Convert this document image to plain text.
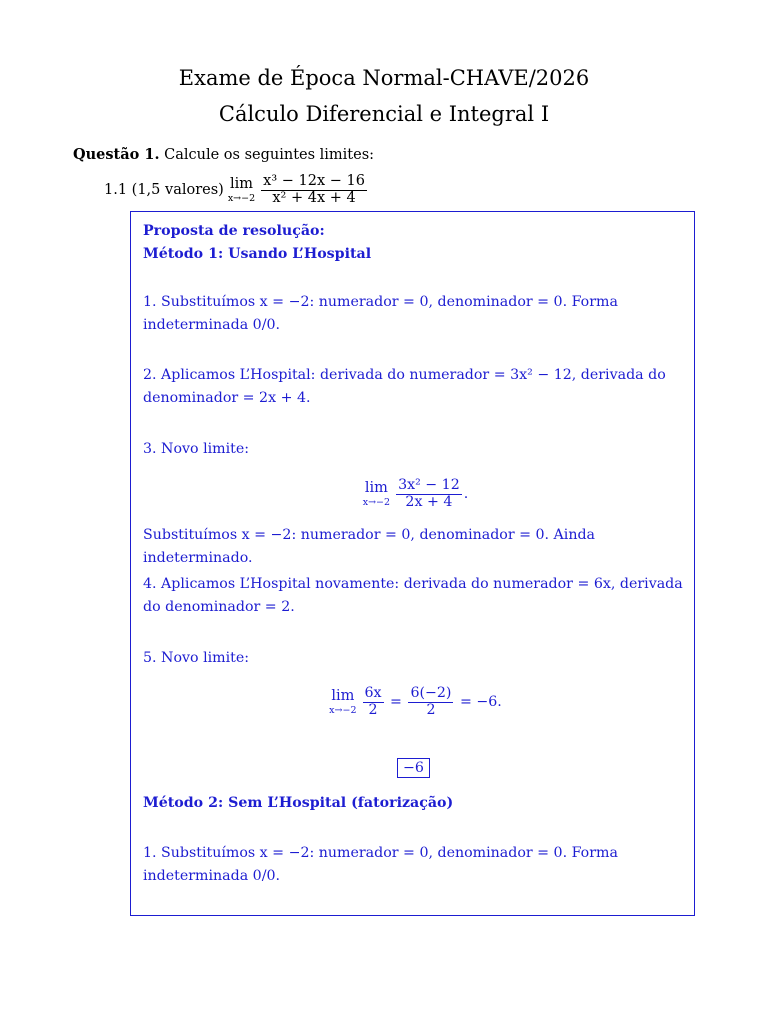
Exame de Época Normal-CHAVE/2026
Cálculo Diferencial e Integral I
Questão 1. Calcule os seguintes limites:
1.1
(1,5 valores) lim
$x\to-2 \frac{\text{x³ − 12x − 16}}{\text{x² + 4x + 4}}$
Proposta de resolução:
Método 1: Usando L’Hospital
1. Substituímos x = −2: numerador = 0, denominador = 0. Forma indeterminada 0/0.
2. Aplicamos L’Hospital: derivada do numerador = 3x² − 12, derivada do denominador = 2x + 4.
3. Novo limite:
lim
$x\to-2 \frac{\text{3x² − 12}}{2x + 4}$ .
Substituímos x = −2: numerador = 0, denominador = 0. Ainda indeterminado.
4. Aplicamos L’Hospital novamente: derivada do numerador = 6x, derivada do denominador = 2.
5. Novo limite:
lim
$x\to-2 \frac{6x}{2} = \frac{6(-2)}{2}$
= −6.
−6
Método 2: Sem L’Hospital (fatorização)
1. Substituímos x = −2: numerador = 0, denominador = 0. Forma indeterminada 0/0.
